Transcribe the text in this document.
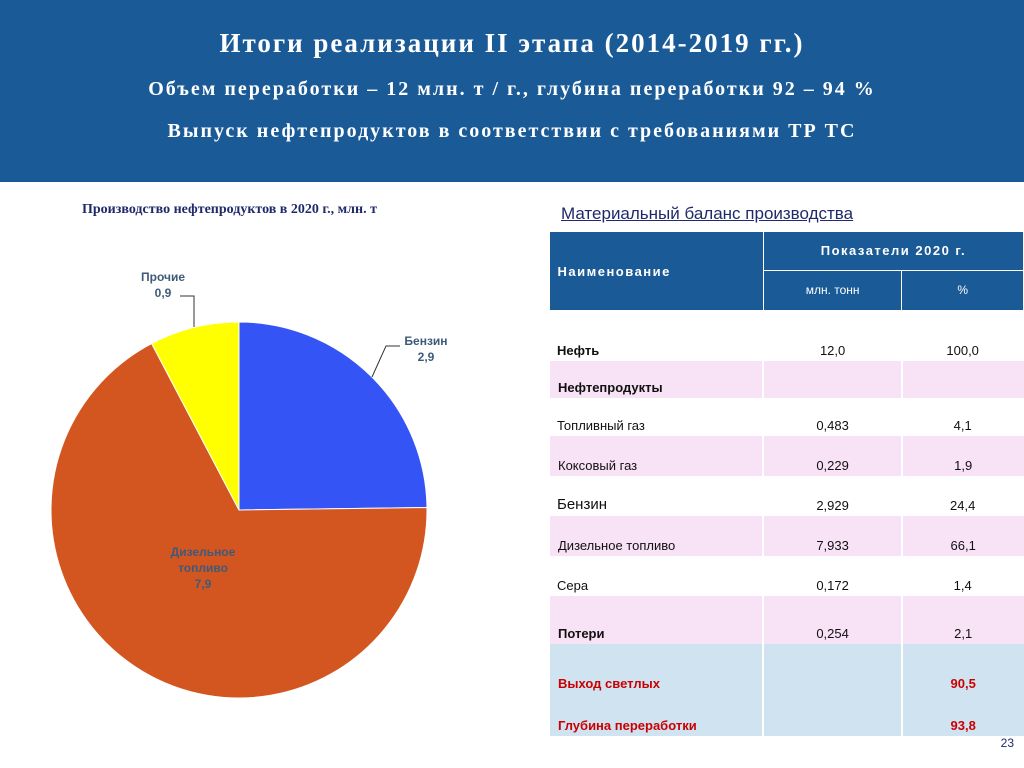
Итоги реализации II этапа (2014-2019 гг.)
Объем переработки – 12 млн. т / г., глубина переработки 92 – 94 %
Выпуск нефтепродуктов в соответствии с требованиями ТР ТС
Производство нефтепродуктов в 2020 г., млн. т
Прочие
0,9
Бензин
2,9
Дизельное
топливо
7,9
Материальный баланс производства
Наименование	Показатели 2020 г.	
	млн. тонн	%
Нефть	12,0	100,0
Нефтепродукты		
Топливный газ	0,483	4,1
Коксовый газ	0,229	1,9
Бензин	2,929	24,4
Дизельное топливо	7,933	66,1
Сера	0,172	1,4
Потери	0,254	2,1
Выход светлых		90,5
Глубина переработки		93,8
23
